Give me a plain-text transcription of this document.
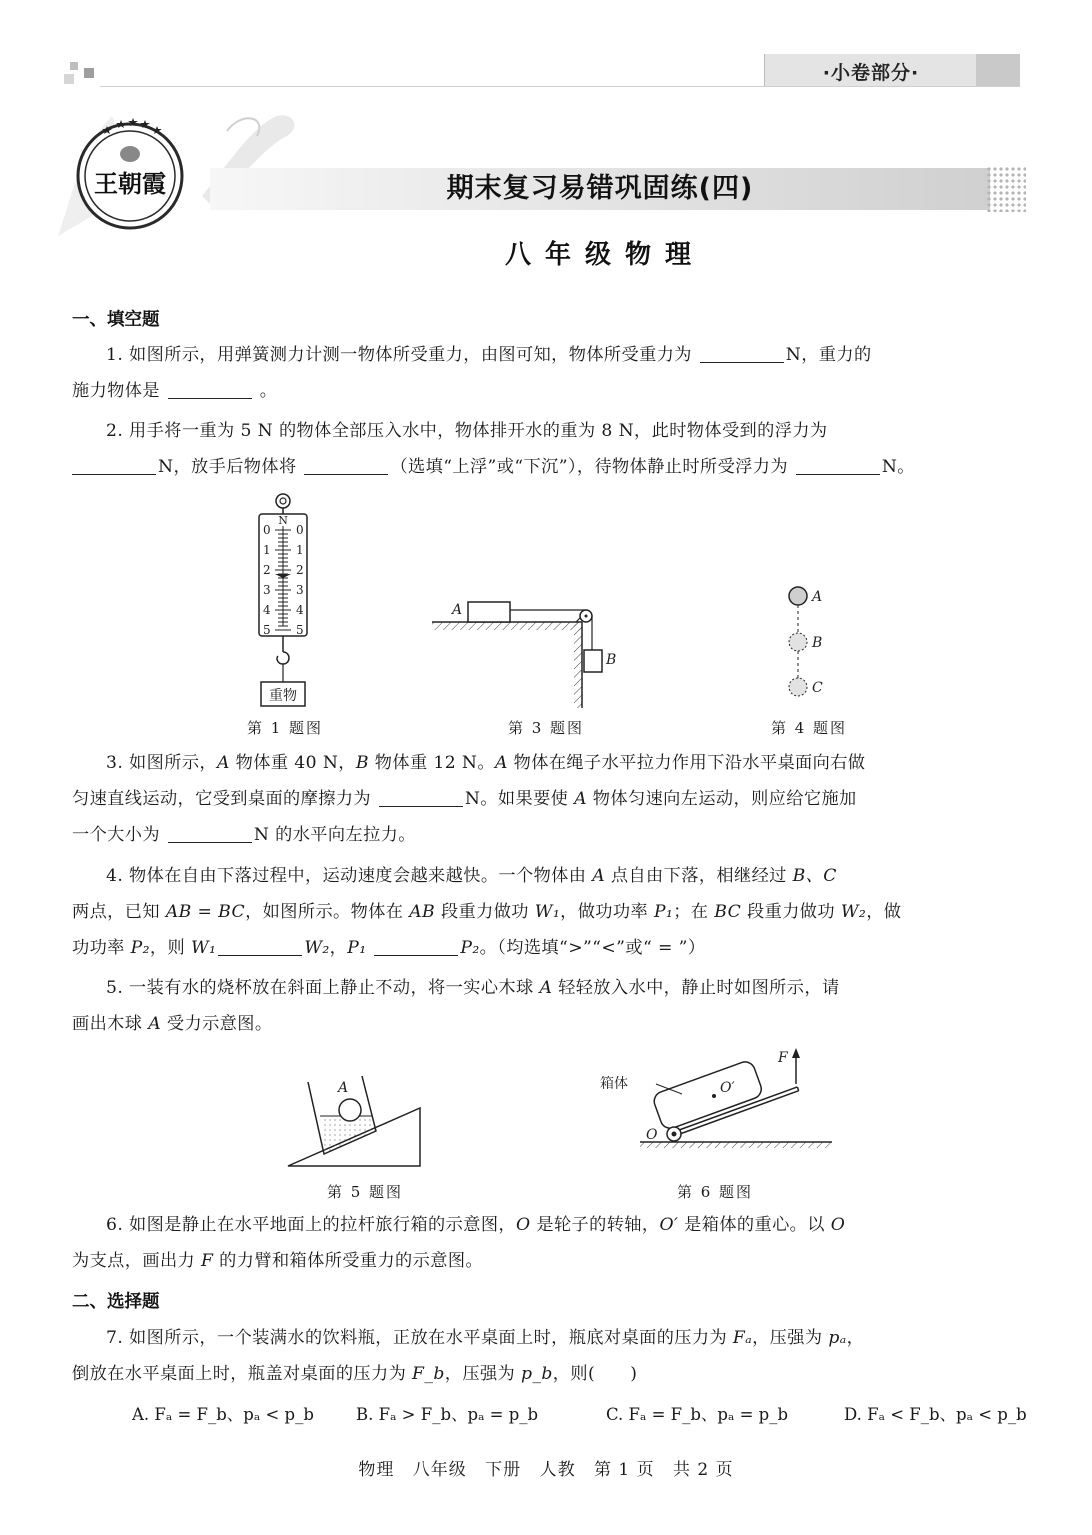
·小卷部分·
王朝霞	期末复习易错巩固练(四)
八年级物理
一、填空题
1. 如图所示，用弹簧测力计测一物体所受重力，由图可知，物体所受重力为	N，重力的
施力物体是	。
2. 用手将一重为 5 N 的物体全部压入水中，物体排开水的重为 8 N，此时物体受到的浮力为
N，放手后物体将	（选填“上浮”或“下沉”），待物体静止时所受浮力为	N。
N
0 0
1 1
2 2
3 3
4 4
5 5
重物
第 1 题图
A
B
第 3 题图
A
B
C
第 4 题图
3. 如图所示，A 物体重 40 N，B 物体重 12 N。A 物体在绳子水平拉力作用下沿水平桌面向右做
匀速直线运动，它受到桌面的摩擦力为	N。如果要使 A 物体匀速向左运动，则应给它施加
一个大小为	N 的水平向左拉力。
4. 物体在自由下落过程中，运动速度会越来越快。一个物体由 A 点自由下落，相继经过 B、C
两点，已知 AB = BC，如图所示。物体在 AB 段重力做功 W₁，做功功率 P₁；在 BC 段重力做功 W₂，做
功功率 P₂，则 W₁	W₂，P₁	P₂。（均选填“>”“<”或“ = ”）
5. 一装有水的烧杯放在斜面上静止不动，将一实心木球 A 轻轻放入水中，静止时如图所示，请
画出木球 A 受力示意图。
A
第 5 题图
箱体
O
O′
F
第 6 题图
6. 如图是静止在水平地面上的拉杆旅行箱的示意图，O 是轮子的转轴，O′ 是箱体的重心。以 O
为支点，画出力 F 的力臂和箱体所受重力的示意图。
二、选择题
7. 如图所示，一个装满水的饮料瓶，正放在水平桌面上时，瓶底对桌面的压力为 Fₐ，压强为 pₐ，
倒放在水平桌面上时，瓶盖对桌面的压力为 F_b，压强为 p_b，则(　　)
A. Fₐ = F_b、pₐ < p_b	B. Fₐ > F_b、pₐ = p_b	C. Fₐ = F_b、pₐ = p_b	D. Fₐ < F_b、pₐ < p_b
物理 八年级 下册 人教 第 1 页 共 2 页
